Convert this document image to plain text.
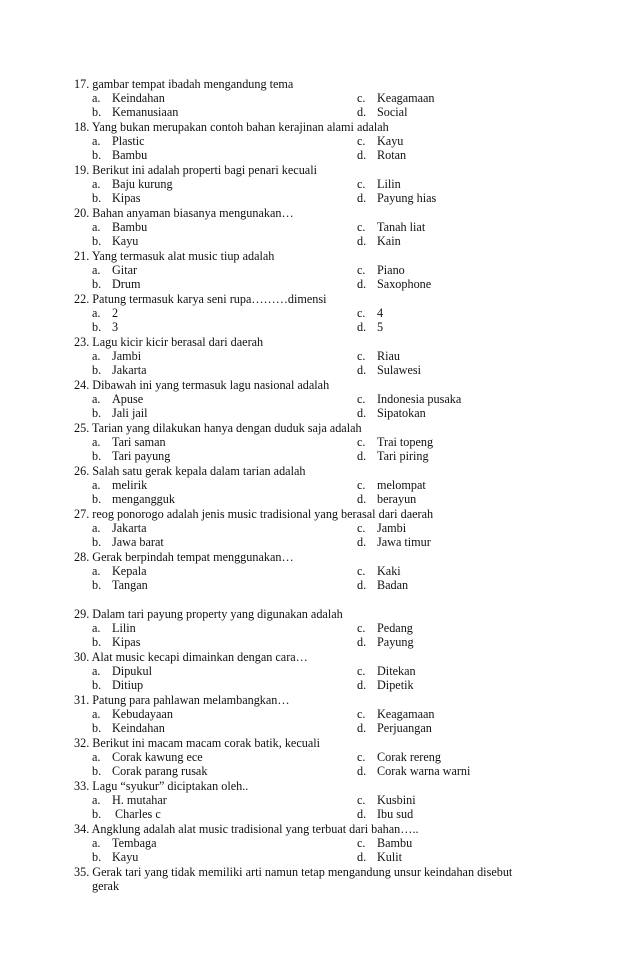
17. gambar tempat ibadah mengandung tema
a. Keindahan	c. Keagamaan
b. Kemanusiaan	d. Social
18. Yang bukan merupakan contoh bahan kerajinan alami adalah
a. Plastic	c. Kayu
b. Bambu	d. Rotan
19. Berikut ini adalah properti bagi penari kecuali
a. Baju kurung	c. Lilin
b. Kipas	d. Payung hias
20. Bahan anyaman biasanya mengunakan…
a. Bambu	c. Tanah liat
b. Kayu	d. Kain
21. Yang termasuk alat music tiup adalah
a. Gitar	c. Piano
b. Drum	d. Saxophone
22. Patung termasuk karya seni rupa………dimensi
a. 2	c. 4
b. 3	d. 5
23. Lagu kicir kicir berasal dari daerah
a. Jambi	c. Riau
b. Jakarta	d. Sulawesi
24. Dibawah ini yang termasuk lagu nasional adalah
a. Apuse	c. Indonesia pusaka
b. Jali jail	d. Sipatokan
25. Tarian yang dilakukan hanya dengan duduk saja adalah
a. Tari saman	c. Trai topeng
b. Tari payung	d. Tari piring
26. Salah satu gerak kepala dalam tarian adalah
a. melirik	c. melompat
b. mengangguk	d. berayun
27. reog ponorogo adalah jenis music tradisional yang berasal dari daerah
a. Jakarta	c. Jambi
b. Jawa barat	d. Jawa timur
28. Gerak berpindah tempat menggunakan…
a. Kepala	c. Kaki
b. Tangan	d. Badan
29. Dalam tari payung property yang digunakan adalah
a. Lilin	c. Pedang
b. Kipas	d. Payung
30. Alat music kecapi dimainkan dengan cara…
a. Dipukul	c. Ditekan
b. Ditiup	d. Dipetik
31. Patung para pahlawan melambangkan…
a. Kebudayaan	c. Keagamaan
b. Keindahan	d. Perjuangan
32. Berikut ini macam macam corak batik, kecuali
a. Corak kawung ece	c. Corak rereng
b. Corak parang rusak	d. Corak warna warni
33. Lagu “syukur” diciptakan oleh..
a. H. mutahar	c. Kusbini
b. Charles c	d. Ibu sud
34. Angklung adalah alat music tradisional yang terbuat dari bahan…..
a. Tembaga	c. Bambu
b. Kayu	d. Kulit
35. Gerak tari yang tidak memiliki arti namun tetap mengandung unsur keindahan disebut
gerak
